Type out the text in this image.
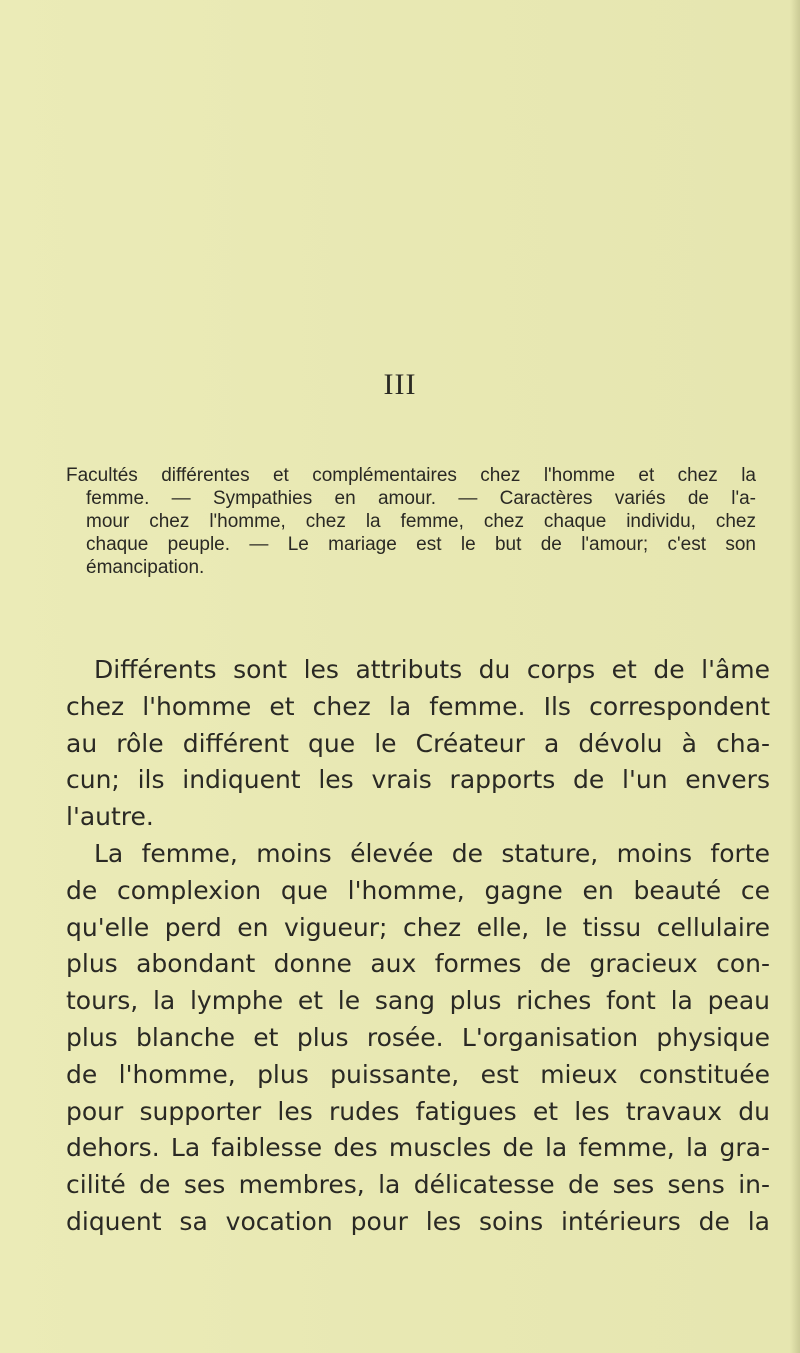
III
Facultés différentes et complémentaires chez l'homme et chez la
femme. — Sympathies en amour. — Caractères variés de l'a-
mour chez l'homme, chez la femme, chez chaque individu, chez
chaque peuple. — Le mariage est le but de l'amour; c'est son
émancipation.
Différents sont les attributs du corps et de l'âme
chez l'homme et chez la femme. Ils correspondent
au rôle différent que le Créateur a dévolu à cha-
cun; ils indiquent les vrais rapports de l'un envers
l'autre.
La femme, moins élevée de stature, moins forte
de complexion que l'homme, gagne en beauté ce
qu'elle perd en vigueur; chez elle, le tissu cellulaire
plus abondant donne aux formes de gracieux con-
tours, la lymphe et le sang plus riches font la peau
plus blanche et plus rosée. L'organisation physique
de l'homme, plus puissante, est mieux constituée
pour supporter les rudes fatigues et les travaux du
dehors. La faiblesse des muscles de la femme, la gra-
cilité de ses membres, la délicatesse de ses sens in-
diquent sa vocation pour les soins intérieurs de la
